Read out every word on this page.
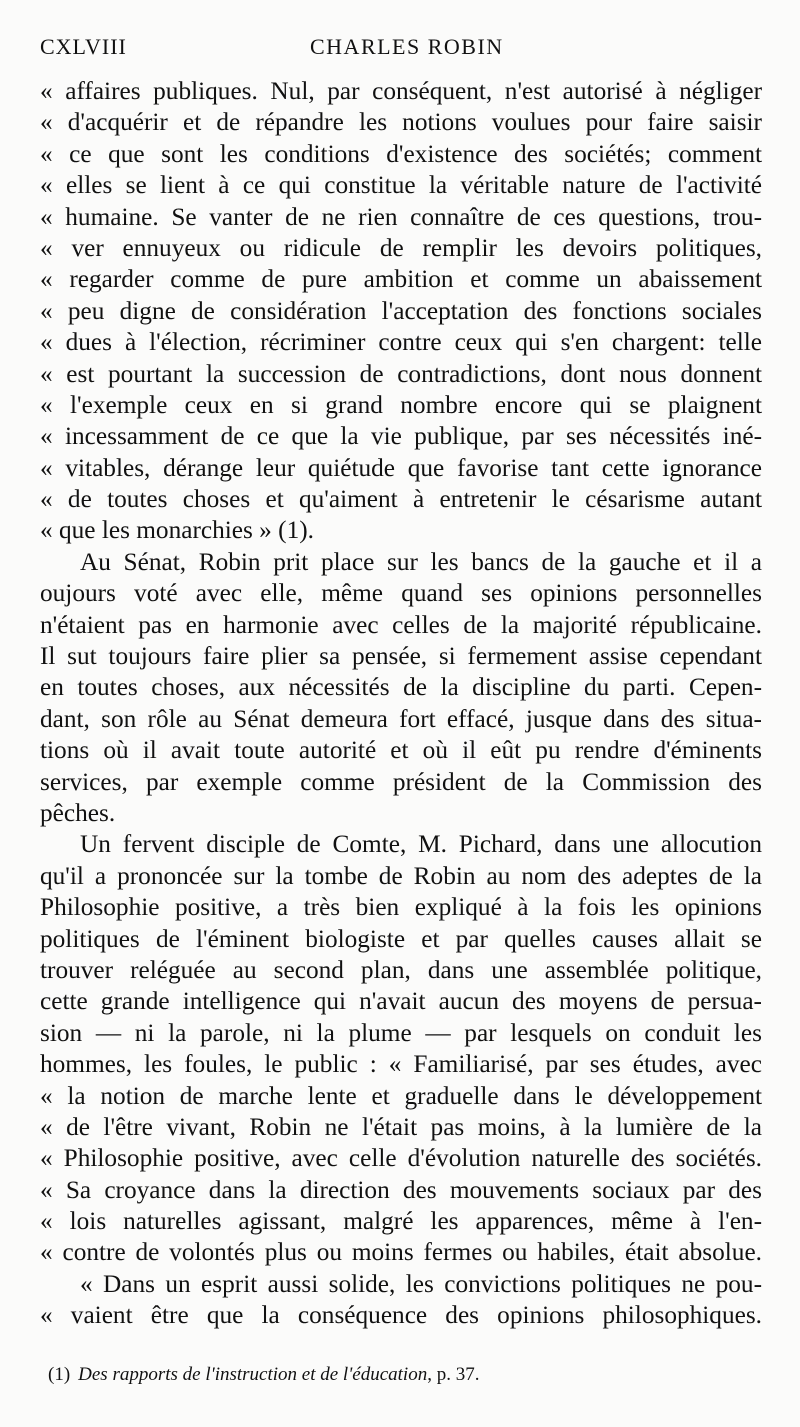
CXLVIII	CHARLES ROBIN
« affaires publiques. Nul, par conséquent, n'est autorisé à négliger
« d'acquérir et de répandre les notions voulues pour faire saisir
« ce que sont les conditions d'existence des sociétés; comment
« elles se lient à ce qui constitue la véritable nature de l'activité
« humaine. Se vanter de ne rien connaître de ces questions, trou-
« ver ennuyeux ou ridicule de remplir les devoirs politiques,
« regarder comme de pure ambition et comme un abaissement
« peu digne de considération l'acceptation des fonctions sociales
« dues à l'élection, récriminer contre ceux qui s'en chargent: telle
« est pourtant la succession de contradictions, dont nous donnent
« l'exemple ceux en si grand nombre encore qui se plaignent
« incessamment de ce que la vie publique, par ses nécessités iné-
« vitables, dérange leur quiétude que favorise tant cette ignorance
« de toutes choses et qu'aiment à entretenir le césarisme autant
« que les monarchies » (1).
Au Sénat, Robin prit place sur les bancs de la gauche et il a
oujours voté avec elle, même quand ses opinions personnelles
n'étaient pas en harmonie avec celles de la majorité républicaine.
Il sut toujours faire plier sa pensée, si fermement assise cependant
en toutes choses, aux nécessités de la discipline du parti. Cepen-
dant, son rôle au Sénat demeura fort effacé, jusque dans des situa-
tions où il avait toute autorité et où il eût pu rendre d'éminents
services, par exemple comme président de la Commission des
pêches.
Un fervent disciple de Comte, M. Pichard, dans une allocution
qu'il a prononcée sur la tombe de Robin au nom des adeptes de la
Philosophie positive, a très bien expliqué à la fois les opinions
politiques de l'éminent biologiste et par quelles causes allait se
trouver reléguée au second plan, dans une assemblée politique,
cette grande intelligence qui n'avait aucun des moyens de persua-
sion — ni la parole, ni la plume — par lesquels on conduit les
hommes, les foules, le public : « Familiarisé, par ses études, avec
« la notion de marche lente et graduelle dans le développement
« de l'être vivant, Robin ne l'était pas moins, à la lumière de la
« Philosophie positive, avec celle d'évolution naturelle des sociétés.
« Sa croyance dans la direction des mouvements sociaux par des
« lois naturelles agissant, malgré les apparences, même à l'en-
« contre de volontés plus ou moins fermes ou habiles, était absolue.
« Dans un esprit aussi solide, les convictions politiques ne pou-
« vaient être que la conséquence des opinions philosophiques.
(1) Des rapports de l'instruction et de l'éducation, p. 37.
